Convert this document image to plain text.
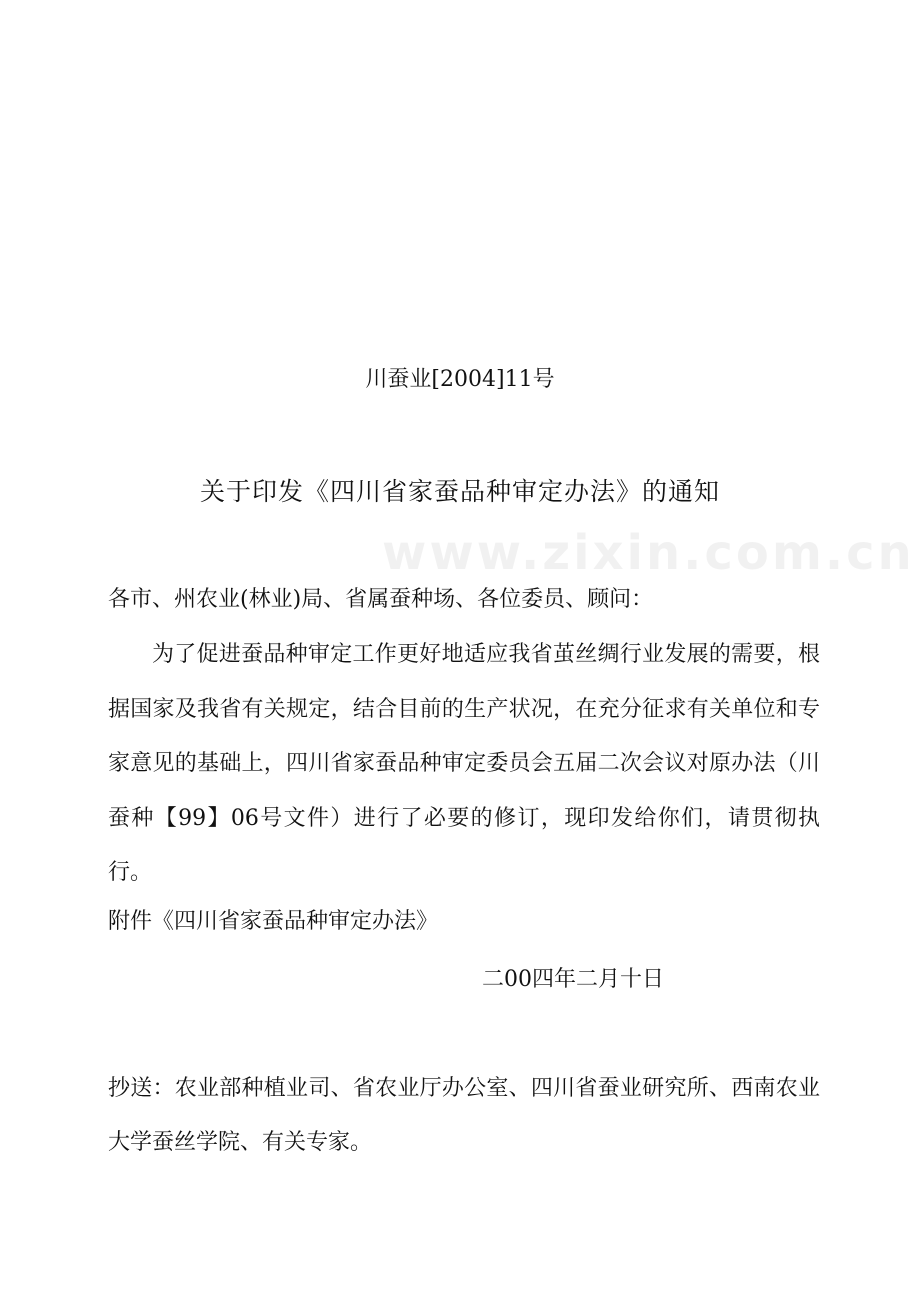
www.zixin.com.cn
川蚕业[2004]11号
关于印发《四川省家蚕品种审定办法》的通知
各市、州农业(林业)局、省属蚕种场、各位委员、顾问：
为了促进蚕品种审定工作更好地适应我省茧丝绸行业发展的需要，根据国家及我省有关规定，结合目前的生产状况，在充分征求有关单位和专家意见的基础上，四川省家蚕品种审定委员会五届二次会议对原办法（川蚕种【99】06号文件）进行了必要的修订，现印发给你们，请贯彻执行。
附件《四川省家蚕品种审定办法》
二00四年二月十日
抄送：农业部种植业司、省农业厅办公室、四川省蚕业研究所、西南农业大学蚕丝学院、有关专家。
